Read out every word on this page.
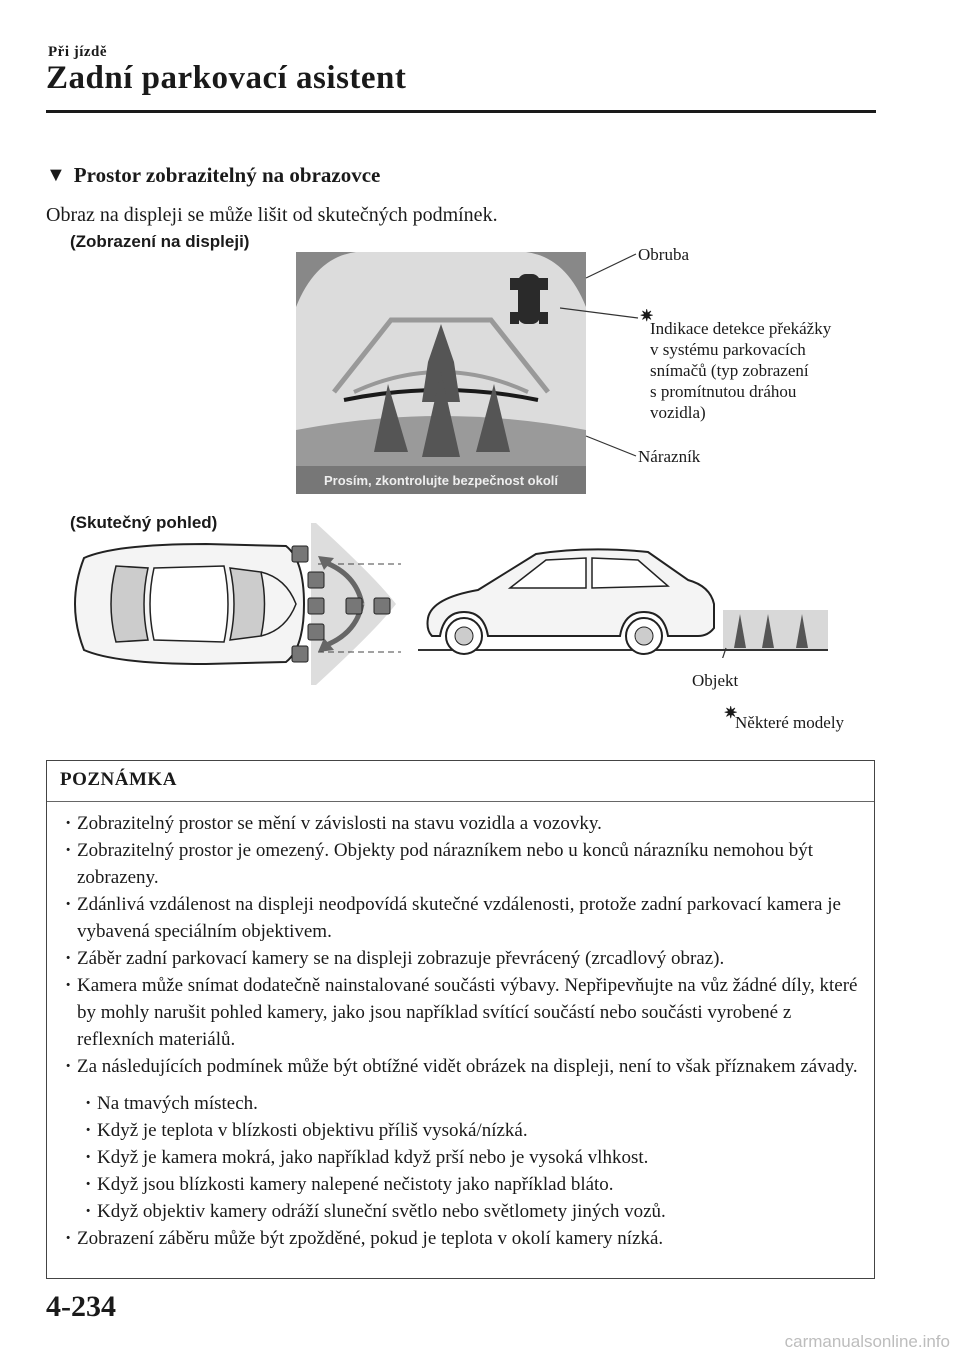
Při jízdě
Zadní parkovací asistent
▼ Prostor zobrazitelný na obrazovce
Obraz na displeji se může lišit od skutečných podmínek.
(Zobrazení na displeji)
Prosím, zkontrolujte bezpečnost okolí
Obruba
✷
Indikace detekce překážky
v systému parkovacích
snímačů (typ zobrazení
s promítnutou dráhou
vozidla)
Nárazník
(Skutečný pohled)
Objekt
✷
Některé modely
POZNÁMKA
· Zobrazitelný prostor se mění v závislosti na stavu vozidla a vozovky.
· Zobrazitelný prostor je omezený. Objekty pod nárazníkem nebo u konců nárazníku nemohou být zobrazeny.
· Zdánlivá vzdálenost na displeji neodpovídá skutečné vzdálenosti, protože zadní parkovací kamera je vybavená speciálním objektivem.
· Záběr zadní parkovací kamery se na displeji zobrazuje převrácený (zrcadlový obraz).
· Kamera může snímat dodatečně nainstalované součásti výbavy. Nepřipevňujte na vůz žádné díly, které by mohly narušit pohled kamery, jako jsou například svítící součástí nebo součásti vyrobené z reflexních materiálů.
· Za následujících podmínek může být obtížné vidět obrázek na displeji, není to však příznakem závady.
· Na tmavých místech.
· Když je teplota v blízkosti objektivu příliš vysoká/nízká.
· Když je kamera mokrá, jako například když prší nebo je vysoká vlhkost.
· Když jsou blízkosti kamery nalepené nečistoty jako například bláto.
· Když objektiv kamery odráží sluneční světlo nebo světlomety jiných vozů.
· Zobrazení záběru může být zpožděné, pokud je teplota v okolí kamery nízká.
4-234
carmanualsonline.info
